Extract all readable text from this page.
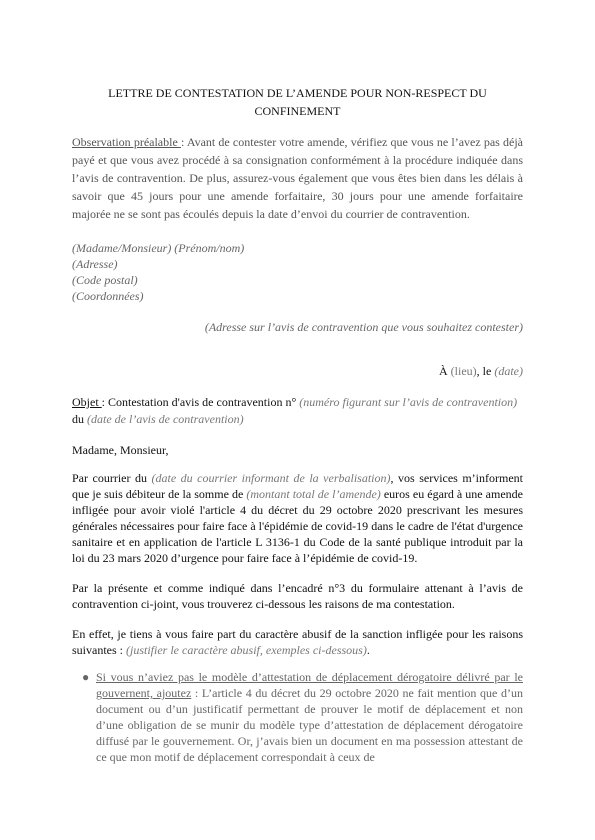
LETTRE DE CONTESTATION DE L’AMENDE POUR NON-RESPECT DU CONFINEMENT
Observation préalable : Avant de contester votre amende, vérifiez que vous ne l’avez pas déjà payé et que vous avez procédé à sa consignation conformément à la procédure indiquée dans l’avis de contravention. De plus, assurez-vous également que vous êtes bien dans les délais à savoir que 45 jours pour une amende forfaitaire, 30 jours pour une amende forfaitaire majorée ne se sont pas écoulés depuis la date d’envoi du courrier de contravention.
(Madame/Monsieur) (Prénom/nom)
(Adresse)
(Code postal)
(Coordonnées)
(Adresse sur l’avis de contravention que vous souhaitez contester)
À (lieu), le (date)
Objet : Contestation d'avis de contravention n° (numéro figurant sur l’avis de contravention) du (date de l’avis de contravention)
Madame, Monsieur,
Par courrier du (date du courrier informant de la verbalisation), vos services m’informent que je suis débiteur de la somme de (montant total de l’amende) euros eu égard à une amende infligée pour avoir violé l'article 4 du décret du 29 octobre 2020 prescrivant les mesures générales nécessaires pour faire face à l'épidémie de covid-19 dans le cadre de l'état d'urgence sanitaire et en application de l'article L 3136-1 du Code de la santé publique introduit par la loi du 23 mars 2020 d’urgence pour faire face à l’épidémie de covid-19.
Par la présente et comme indiqué dans l’encadré n°3 du formulaire attenant à l’avis de contravention ci-joint, vous trouverez ci-dessous les raisons de ma contestation.
En effet, je tiens à vous faire part du caractère abusif de la sanction infligée pour les raisons suivantes : (justifier le caractère abusif, exemples ci-dessous).
● Si vous n’aviez pas le modèle d’attestation de déplacement dérogatoire délivré par le gouvernent, ajoutez : L’article 4 du décret du 29 octobre 2020 ne fait mention que d’un document ou d’un justificatif permettant de prouver le motif de déplacement et non d’une obligation de se munir du modèle type d’attestation de déplacement dérogatoire diffusé par le gouvernement. Or, j’avais bien un document en ma possession attestant de ce que mon motif de déplacement correspondait à ceux de
